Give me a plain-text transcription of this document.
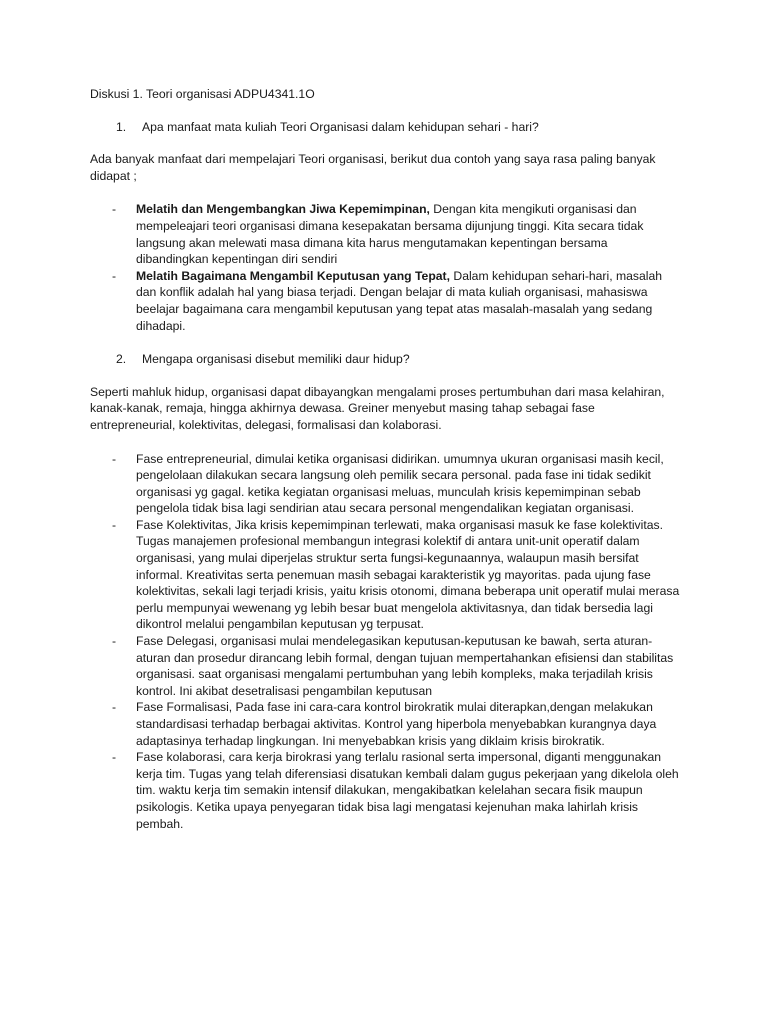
Diskusi 1. Teori organisasi ADPU4341.1O
1.	Apa manfaat mata kuliah Teori Organisasi dalam kehidupan sehari - hari?
Ada banyak manfaat dari mempelajari Teori organisasi, berikut dua contoh yang saya rasa paling banyak didapat ;
-	Melatih dan Mengembangkan Jiwa Kepemimpinan, Dengan kita mengikuti organisasi dan mempeleajari teori organisasi dimana kesepakatan bersama dijunjung tinggi. Kita secara tidak langsung akan melewati masa dimana kita harus mengutamakan kepentingan bersama dibandingkan kepentingan diri sendiri
-	Melatih Bagaimana Mengambil Keputusan yang Tepat, Dalam kehidupan sehari-hari, masalah dan konflik adalah hal yang biasa terjadi. Dengan belajar di mata kuliah organisasi, mahasiswa beelajar bagaimana cara mengambil keputusan yang tepat atas masalah-masalah yang sedang dihadapi.
2.	Mengapa organisasi disebut memiliki daur hidup?
Seperti mahluk hidup, organisasi dapat dibayangkan mengalami proses pertumbuhan dari masa kelahiran, kanak-kanak, remaja, hingga akhirnya dewasa. Greiner menyebut masing tahap sebagai fase entrepreneurial, kolektivitas, delegasi, formalisasi dan kolaborasi.
-	Fase entrepreneurial, dimulai ketika organisasi didirikan. umumnya ukuran organisasi masih kecil, pengelolaan dilakukan secara langsung oleh pemilik secara personal. pada fase ini tidak sedikit organisasi yg gagal. ketika kegiatan organisasi meluas, munculah krisis kepemimpinan sebab pengelola tidak bisa lagi sendirian atau secara personal mengendalikan kegiatan organisasi.
-	Fase Kolektivitas, Jika krisis kepemimpinan terlewati, maka organisasi masuk ke fase kolektivitas. Tugas manajemen profesional membangun integrasi kolektif di antara unit-unit operatif dalam organisasi, yang mulai diperjelas struktur serta fungsi-kegunaannya, walaupun masih bersifat informal. Kreativitas serta penemuan masih sebagai karakteristik yg mayoritas. pada ujung fase kolektivitas, sekali lagi terjadi krisis, yaitu krisis otonomi, dimana beberapa unit operatif mulai merasa perlu mempunyai wewenang yg lebih besar buat mengelola aktivitasnya, dan tidak bersedia lagi dikontrol melalui pengambilan keputusan yg terpusat.
-	Fase Delegasi, organisasi mulai mendelegasikan keputusan-keputusan ke bawah, serta aturan-aturan dan prosedur dirancang lebih formal, dengan tujuan mempertahankan efisiensi dan stabilitas organisasi. saat organisasi mengalami pertumbuhan yang lebih kompleks, maka terjadilah krisis kontrol. Ini akibat desetralisasi pengambilan keputusan
-	Fase Formalisasi, Pada fase ini cara-cara kontrol birokratik mulai diterapkan,dengan melakukan standardisasi terhadap berbagai aktivitas. Kontrol yang hiperbola menyebabkan kurangnya daya adaptasinya terhadap lingkungan. Ini menyebabkan krisis yang diklaim krisis birokratik.
-	Fase kolaborasi, cara kerja birokrasi yang terlalu rasional serta impersonal, diganti menggunakan kerja tim. Tugas yang telah diferensiasi disatukan kembali dalam gugus pekerjaan yang dikelola oleh tim. waktu kerja tim semakin intensif dilakukan, mengakibatkan kelelahan secara fisik maupun psikologis. Ketika upaya penyegaran tidak bisa lagi mengatasi kejenuhan maka lahirlah krisis pembah.
